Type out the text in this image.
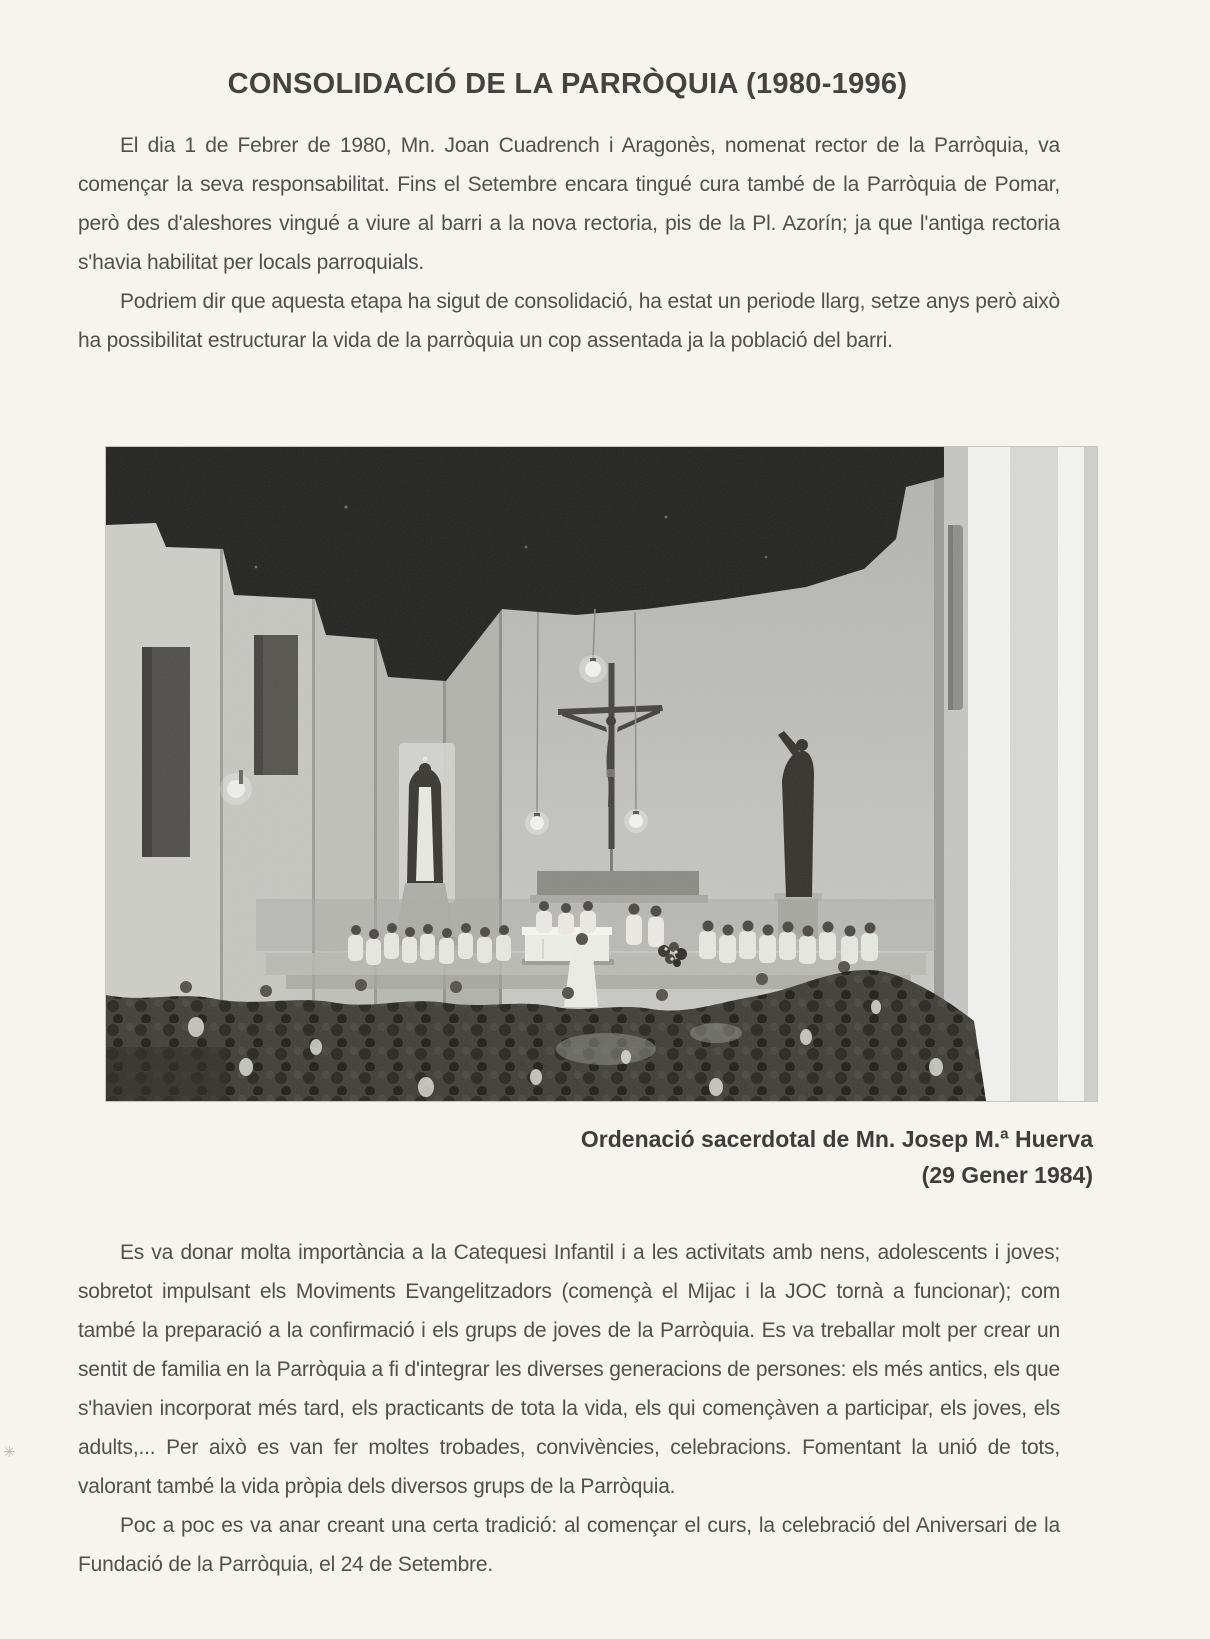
CONSOLIDACIÓ DE LA PARRÒQUIA (1980-1996)

El dia 1 de Febrer de 1980, Mn. Joan Cuadrench i Aragonès, nomenat rector de la Parròquia, va començar la seva responsabilitat. Fins el Setembre encara tingué cura també de la Parròquia de Pomar, però des d'aleshores vingué a viure al barri a la nova rectoria, pis de la Pl. Azorín; ja que l'antiga rectoria s'havia habilitat per locals parroquials.

Podriem dir que aquesta etapa ha sigut de consolidació, ha estat un periode llarg, setze anys però això ha possibilitat estructurar la vida de la parròquia un cop assentada ja la població del barri.

Ordenació sacerdotal de Mn. Josep M.ª Huerva
(29 Gener 1984)

Es va donar molta importància a la Catequesi Infantil i a les activitats amb nens, adolescents i joves; sobretot impulsant els Moviments Evangelitzadors (començà el Mijac i la JOC tornà a funcionar); com també la preparació a la confirmació i els grups de joves de la Parròquia. Es va treballar molt per crear un sentit de familia en la Parròquia a fi d'integrar les diverses generacions de persones: els més antics, els que s'havien incorporat més tard, els practicants de tota la vida, els qui començàven a participar, els joves, els adults,... Per això es van fer moltes trobades, convivències, celebracions. Fomentant la unió de tots, valorant també la vida pròpia dels diversos grups de la Parròquia.

Poc a poc es va anar creant una certa tradició: al començar el curs, la celebració del Aniversari de la Fundació de la Parròquia, el 24 de Setembre.

✳
